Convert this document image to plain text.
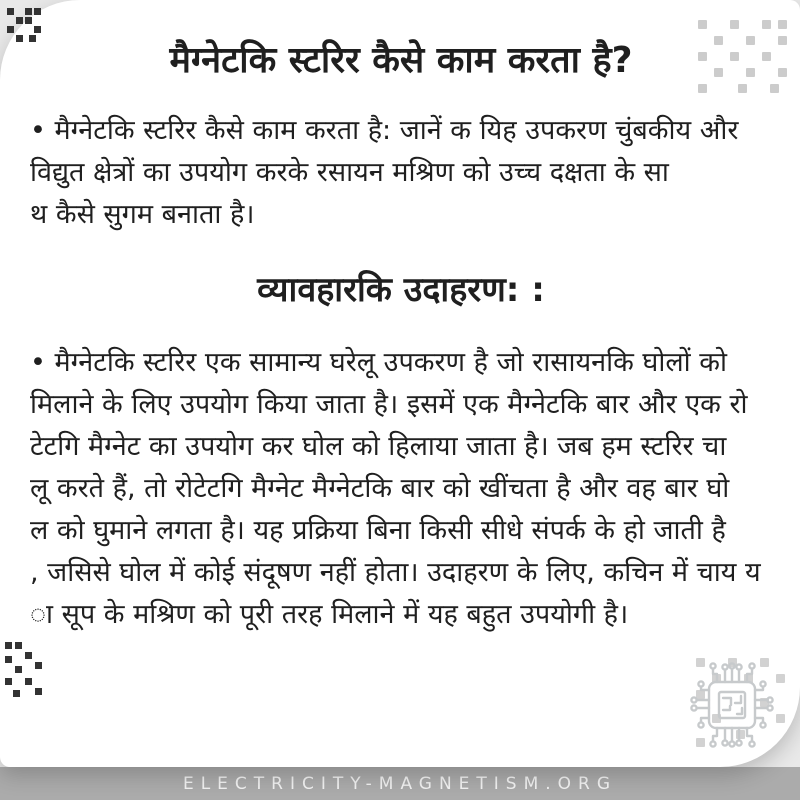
मैग्नेटकि स्टरिर कैसे काम करता है?
• मैग्नेटकि स्टरिर कैसे काम करता है: जानें क यिह उपकरण चुंबकीय और
विद्युत क्षेत्रों का उपयोग करके रसायन मश्रिण को उच्च दक्षता के सा
थ कैसे सुगम बनाता है।
व्यावहारकि उदाहरण: :
• मैग्नेटकि स्टरिर एक सामान्य घरेलू उपकरण है जो रासायनकि घोलों को
मिलाने के लिए उपयोग किया जाता है। इसमें एक मैग्नेटकि बार और एक रो
टेटगि मैग्नेट का उपयोग कर घोल को हिलाया जाता है। जब हम स्टरिर चा
लू करते हैं, तो रोटेटगि मैग्नेट मैग्नेटकि बार को खींचता है और वह बार घो
ल को घुमाने लगता है। यह प्रक्रिया बिना किसी सीधे संपर्क के हो जाती है
, जसिसे घोल में कोई संदूषण नहीं होता। उदाहरण के लिए, कचिन में चाय य
ा सूप के मश्रिण को पूरी तरह मिलाने में यह बहुत उपयोगी है।
ELECTRICITY-MAGNETISM.ORG
